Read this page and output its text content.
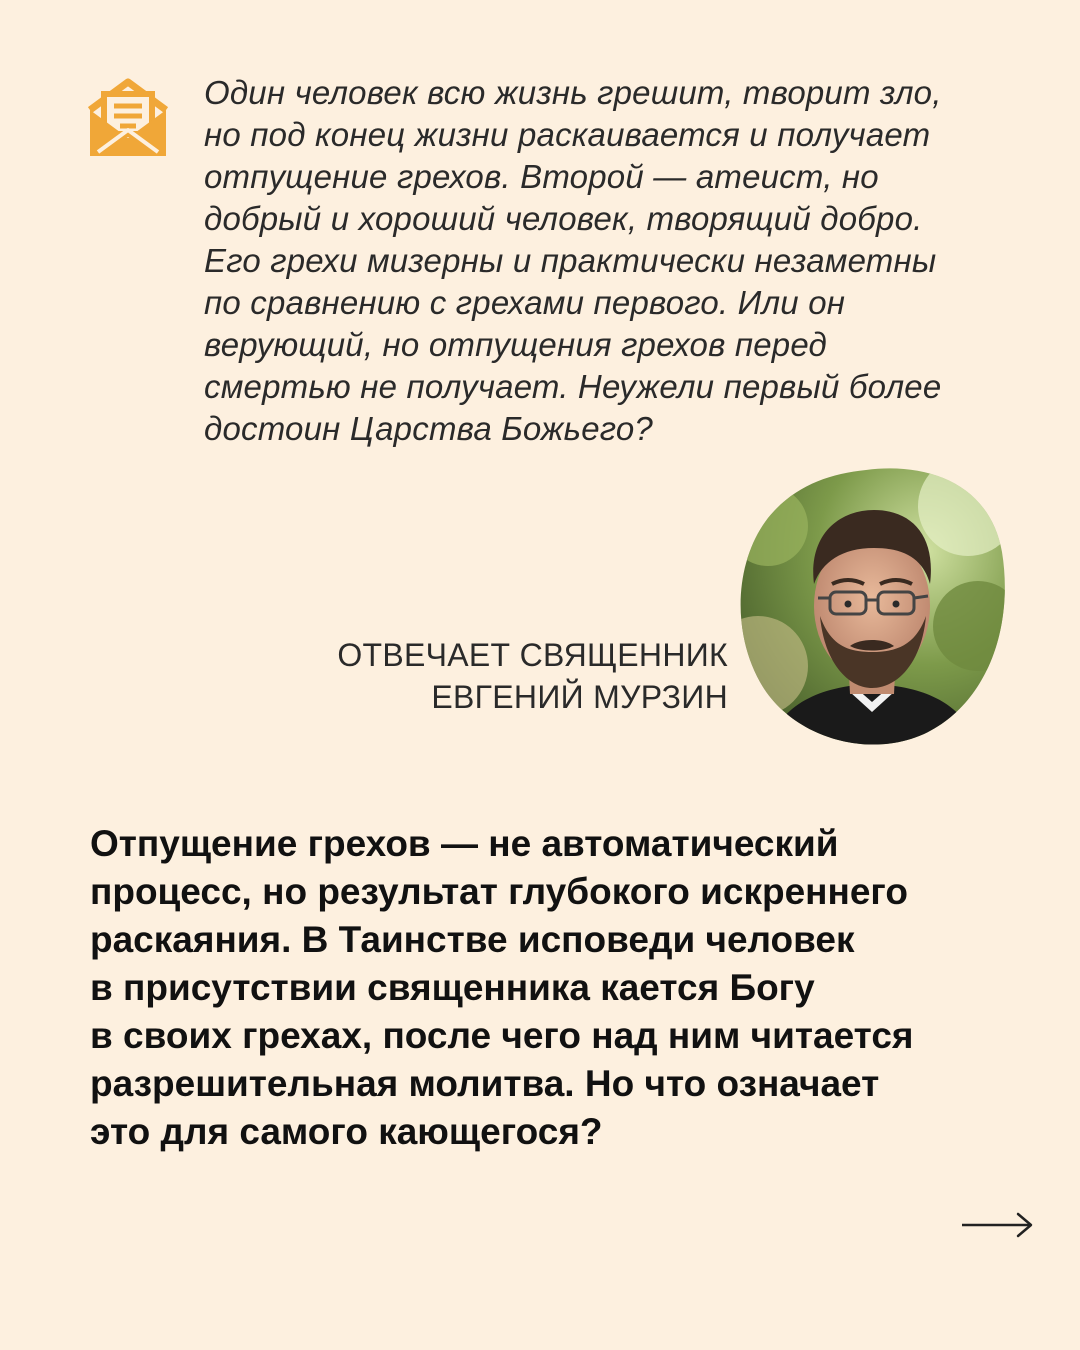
Один человек всю жизнь грешит, творит зло,
но под конец жизни раскаивается и получает
отпущение грехов. Второй — атеист, но
добрый и хороший человек, творящий добро.
Его грехи мизерны и практически незаметны
по сравнению с грехами первого. Или он
верующий, но отпущения грехов перед
смертью не получает. Неужели первый более
достоин Царства Божьего?

ОТВЕЧАЕТ СВЯЩЕННИК
ЕВГЕНИЙ МУРЗИН

Отпущение грехов — не автоматический
процесс, но результат глубокого искреннего
раскаяния. В Таинстве исповеди человек
в присутствии священника кается Богу
в своих грехах, после чего над ним читается
разрешительная молитва. Но что означает
это для самого кающегося?
